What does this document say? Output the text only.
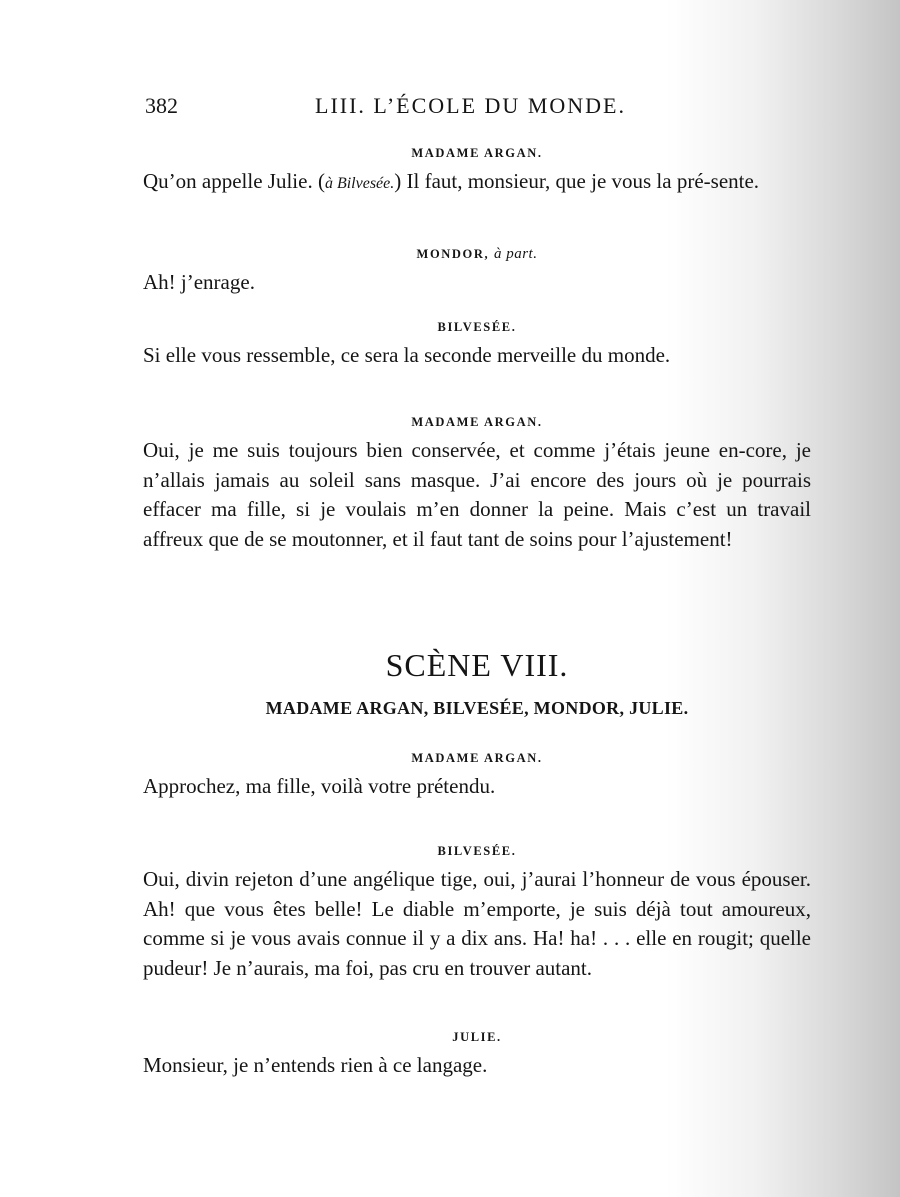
382	LIII. L’ÉCOLE DU MONDE.
MADAME ARGAN.
Qu’on appelle Julie. (à Bilvesée.) Il faut, monsieur, que je vous la pré-sente.
MONDOR, à part.
Ah! j’enrage.
BILVESÉE.
Si elle vous ressemble, ce sera la seconde merveille du monde.
MADAME ARGAN.
Oui, je me suis toujours bien conservée, et comme j’étais jeune en-core, je n’allais jamais au soleil sans masque. J’ai encore des jours où je pourrais effacer ma fille, si je voulais m’en donner la peine. Mais c’est un travail affreux que de se moutonner, et il faut tant de soins pour l’ajustement!
SCÈNE VIII.
MADAME ARGAN, BILVESÉE, MONDOR, JULIE.
MADAME ARGAN.
Approchez, ma fille, voilà votre prétendu.
BILVESÉE.
Oui, divin rejeton d’une angélique tige, oui, j’aurai l’honneur de vous épouser. Ah! que vous êtes belle! Le diable m’emporte, je suis déjà tout amoureux, comme si je vous avais connue il y a dix ans. Ha! ha! . . . elle en rougit; quelle pudeur! Je n’aurais, ma foi, pas cru en trouver autant.
JULIE.
Monsieur, je n’entends rien à ce langage.
